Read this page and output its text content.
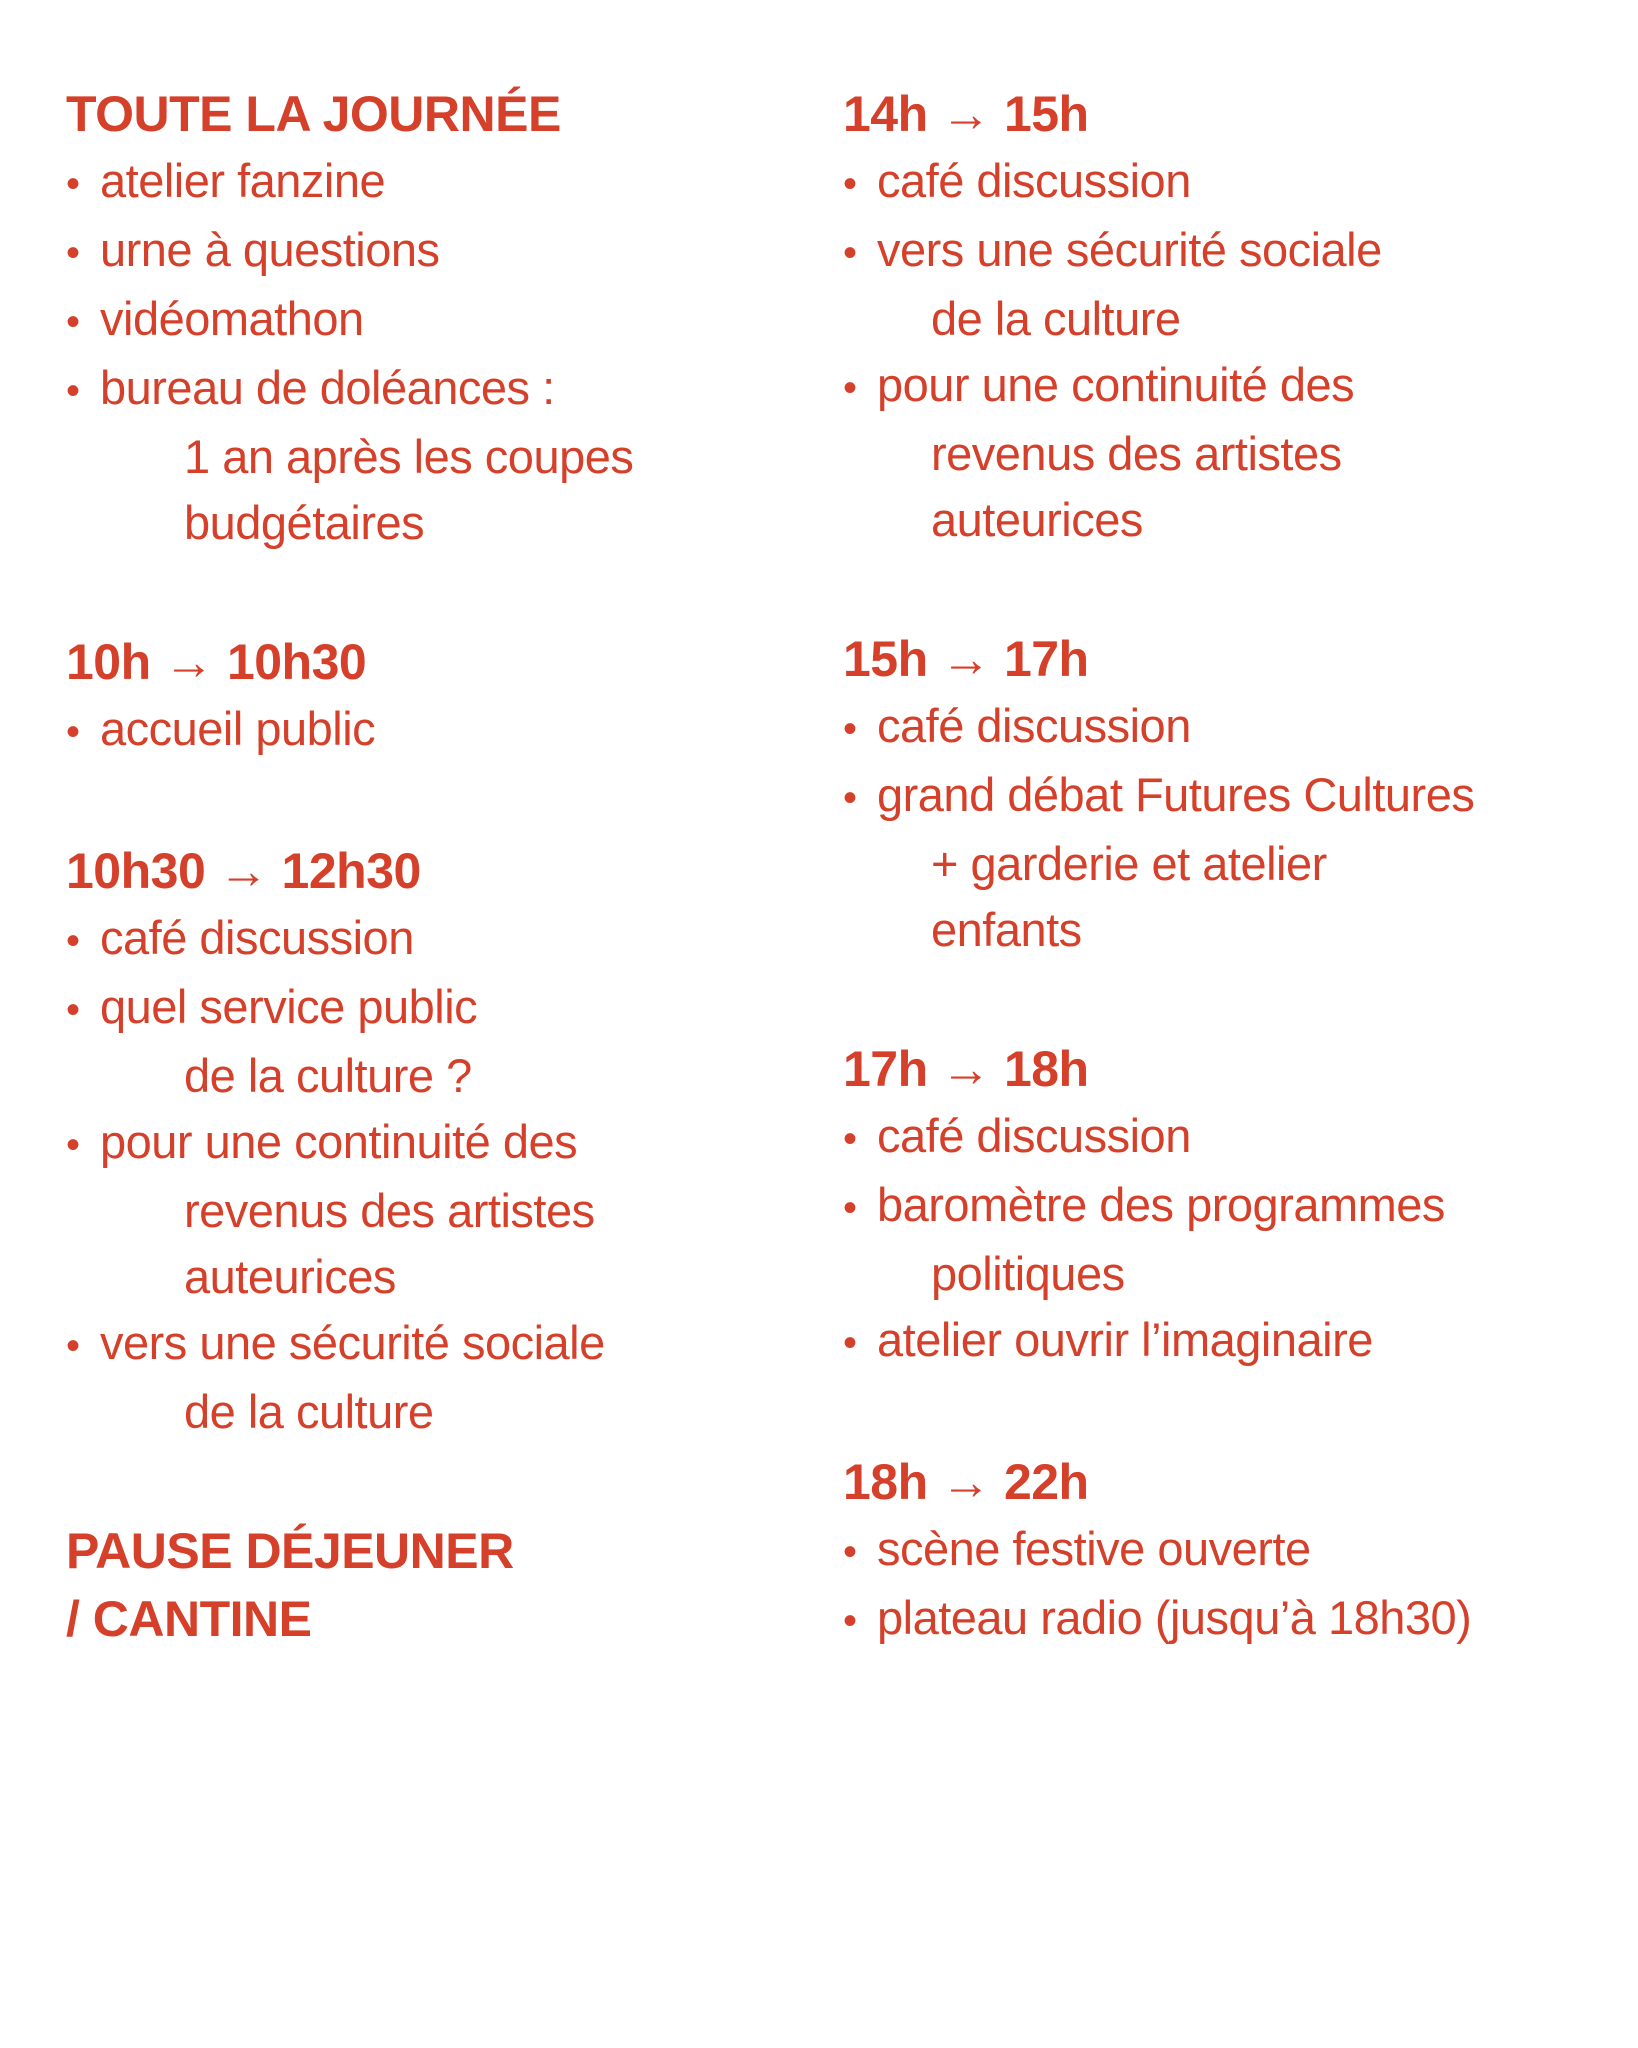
TOUTE LA JOURNÉE
• atelier fanzine
• urne à questions
• vidéomathon
• bureau de doléances :
1 an après les coupes
budgétaires
10h → 10h30
• accueil public
10h30 → 12h30
• café discussion
• quel service public
de la culture ?
• pour une continuité des
revenus des artistes
auteurices
• vers une sécurité sociale
de la culture
PAUSE DÉJEUNER
/ CANTINE
14h → 15h
• café discussion
• vers une sécurité sociale
de la culture
• pour une continuité des
revenus des artistes
auteurices
15h → 17h
• café discussion
• grand débat Futures Cultures
+ garderie et atelier
enfants
17h → 18h
• café discussion
• baromètre des programmes
politiques
• atelier ouvrir l’imaginaire
18h → 22h
• scène festive ouverte
• plateau radio (jusqu’à 18h30)
